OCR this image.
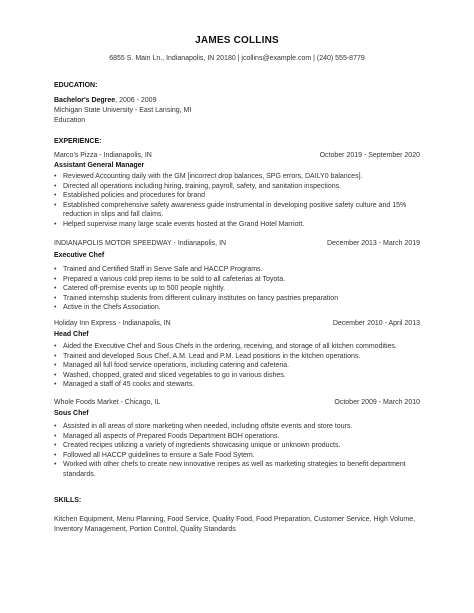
JAMES COLLINS
6855 S. Main Ln., Indianapolis, IN 20180 | jcollins@example.com | (240) 555-8779
EDUCATION:
Bachelor's Degree, 2006 - 2009
Michigan State University - East Lansing, MI
Education
EXPERIENCE:
Marco's Pizza - Indianapolis, IN	October 2019 - September 2020
Assistant General Manager
• Reviewed Accounting daily with the GM [incorrect drop balances, SPG errors, DAILY0 balances].
• Directed all operations including hiring, training, payroll, safety, and sanitation inspections.
• Established policies and procedures for brand
• Established comprehensive safety awareness guide instrumental in developing positive safety culture and 15% reduction in slips and fall claims.
• Helped supervise many large scale events hosted at the Grand Hotel Marriott.
INDIANAPOLIS MOTOR SPEEDWAY - Indianapolis, IN	December 2013 - March 2019
Executive Chef
• Trained and Certified Staff in Serve Safe and HACCP Programs.
• Prepared a various cold prep items to be sold to all cafeterias at Toyota.
• Catered off-premise events up to 500 people nightly.
• Trained internship students from different culinary institutes on fancy pastries preparation
• Active in the Chefs Association.
Holiday Inn Express - Indianapolis, IN	December 2010 - April 2013
Head Chef
• Aided the Executive Chef and Sous Chefs in the ordering, receiving, and storage of all kitchen commodities.
• Trained and developed Sous Chef, A.M. Lead and P.M. Lead positions in the kitchen operations.
• Managed all full food service operations, including catering and cafeteria.
• Washed, chopped, grated and sliced vegetables to go in various dishes.
• Managed a staff of 45 cooks and stewarts.
Whole Foods Market - Chicago, IL	October 2009 - March 2010
Sous Chef
• Assisted in all areas of store marketing when needed, including offsite events and store tours.
• Managed all aspects of Prepared Foods Department BOH operations.
• Created recipes utilizing a variety of ingredients showcasing unique or unknown products.
• Followed all HACCP guidelines to ensure a Safe Food Sytem.
• Worked with other chefs to create new innovative recipes as well as marketing strategies to benefit department standards.
SKILLS:
Kitchen Equipment, Menu Planning, Food Service, Quality Food, Food Preparation, Customer Service, High Volume, Inventory Management, Portion Control, Quality Standards
